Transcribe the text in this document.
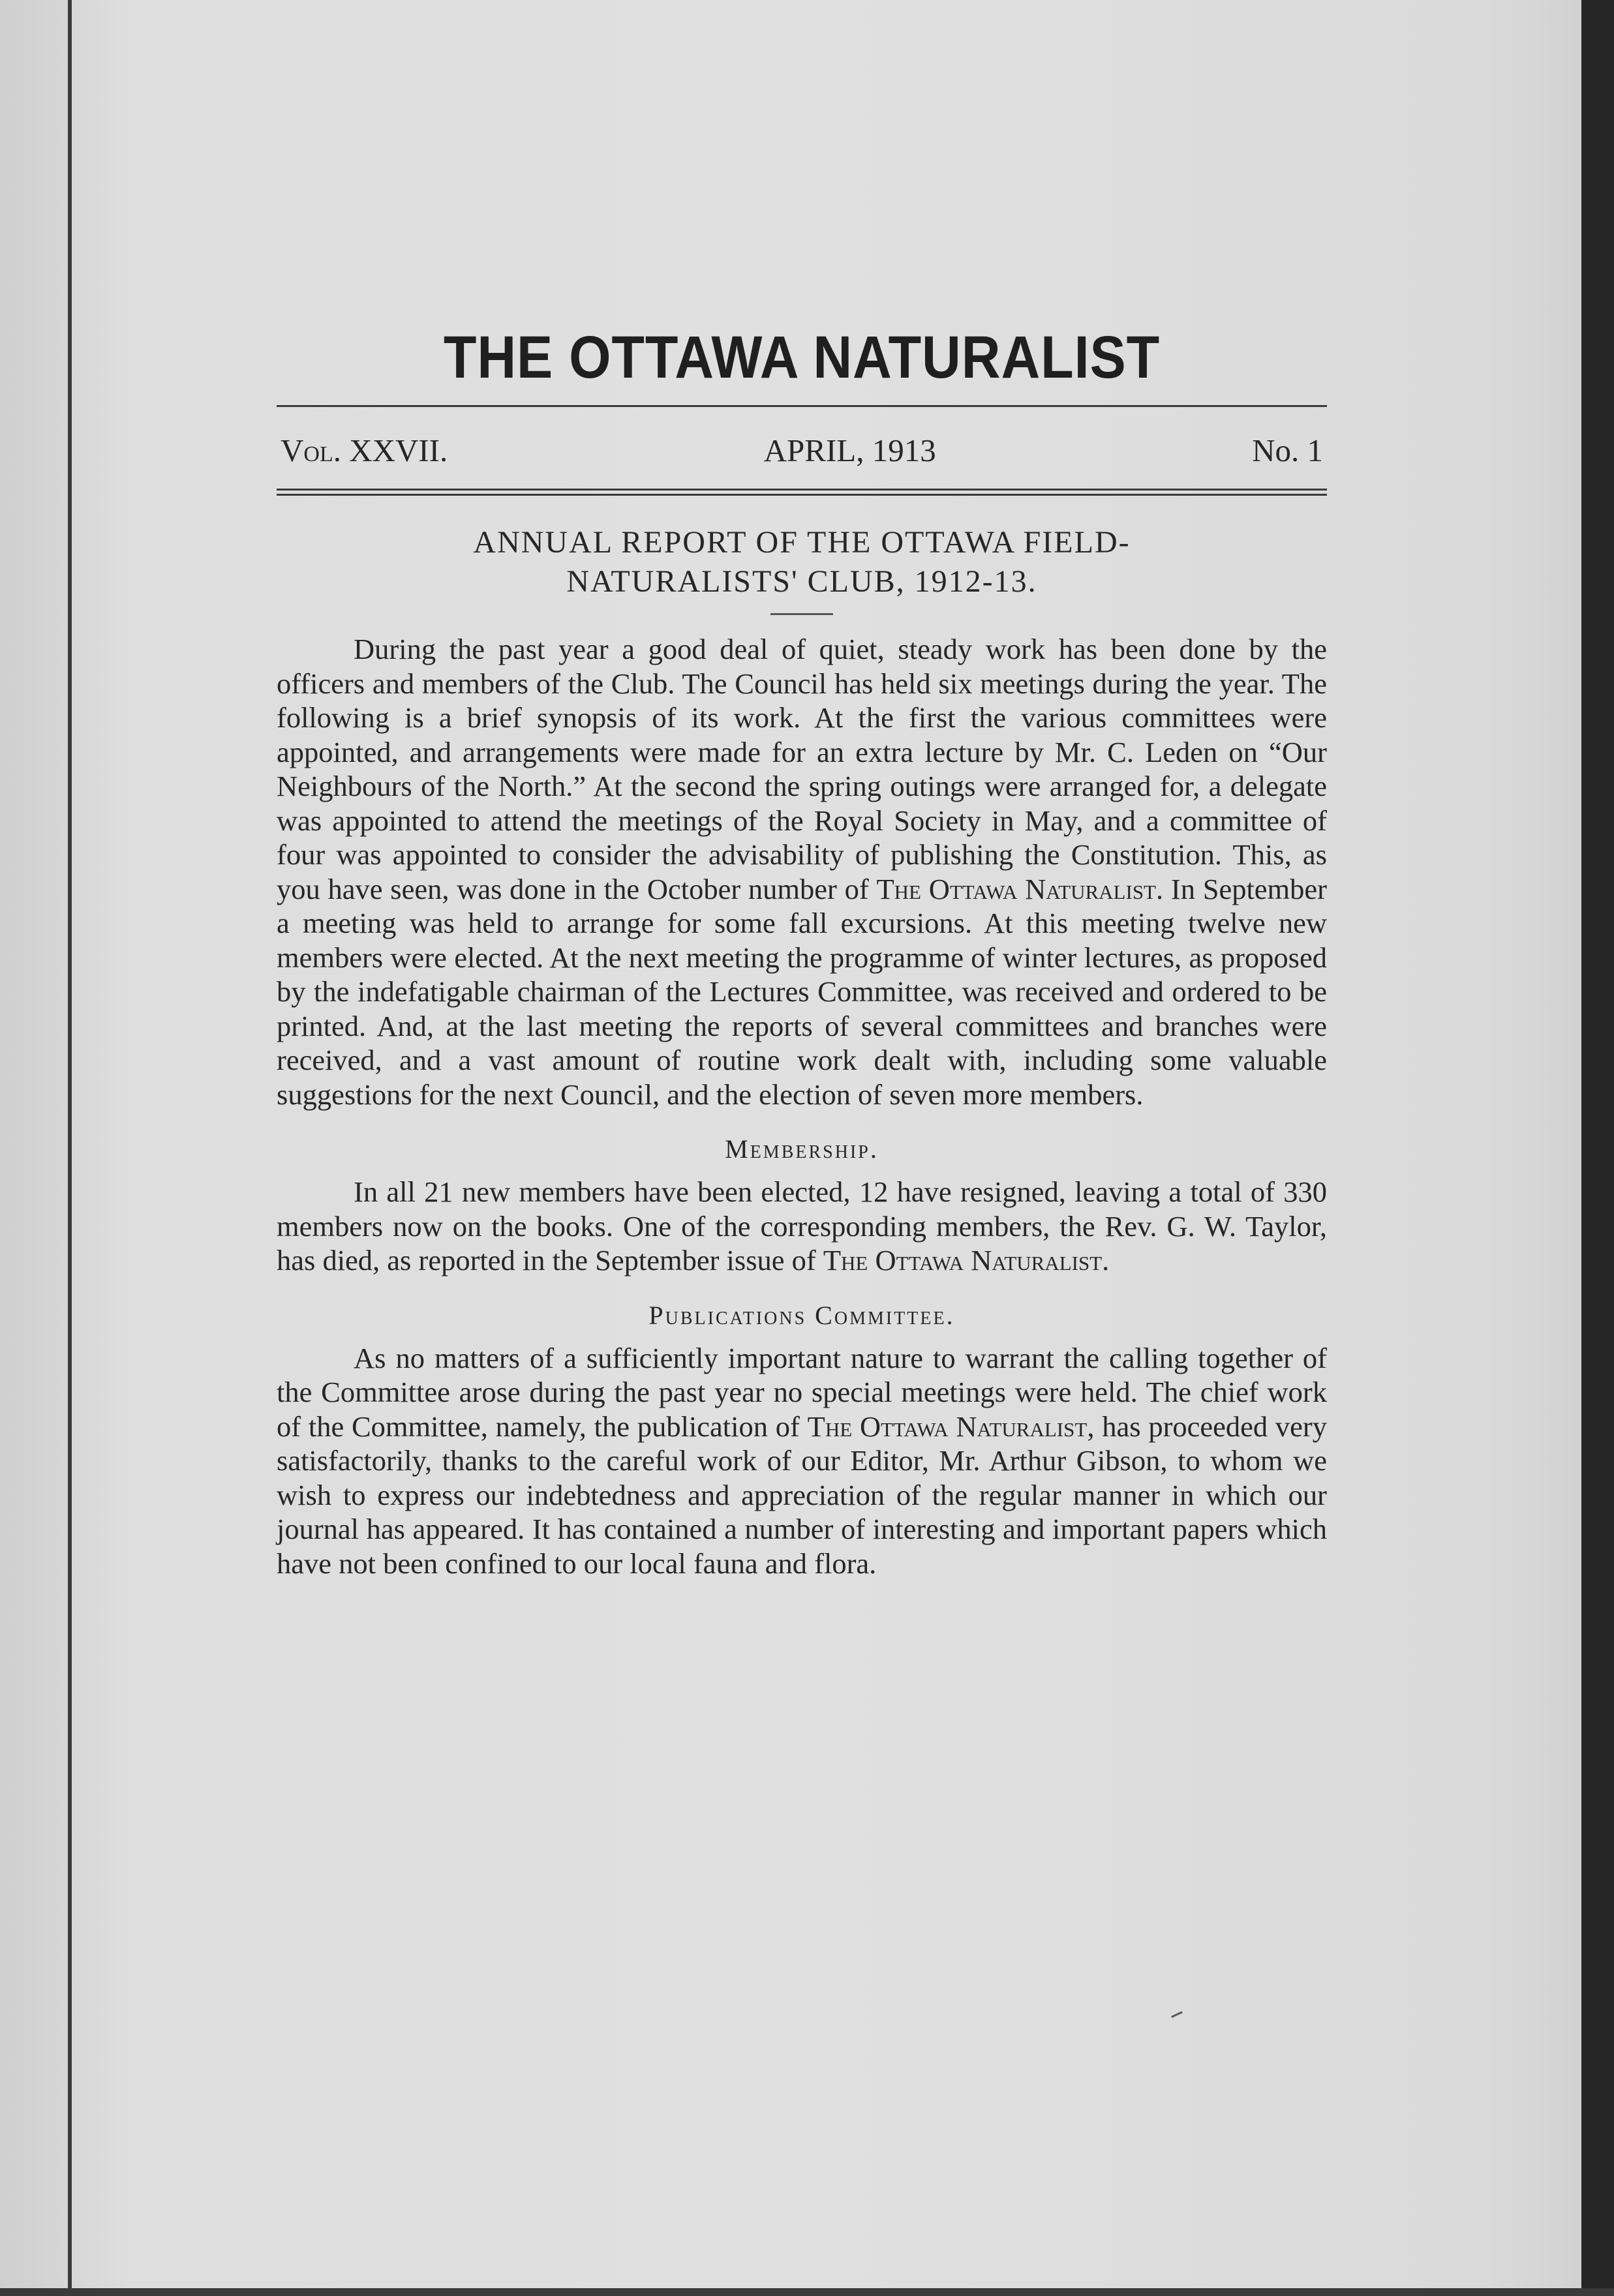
THE OTTAWA NATURALIST
Vol. XXVII.	APRIL, 1913	No. 1
ANNUAL REPORT OF THE OTTAWA FIELD-
NATURALISTS' CLUB, 1912-13.

During the past year a good deal of quiet, steady work has been done by the officers and members of the Club. The Council has held six meetings during the year. The following is a brief synopsis of its work. At the first the various committees were appointed, and arrangements were made for an extra lecture by Mr. C. Leden on “Our Neighbours of the North.” At the second the spring outings were arranged for, a delegate was appointed to attend the meetings of the Royal Society in May, and a committee of four was appointed to consider the advisability of publishing the Constitution. This, as you have seen, was done in the October number of The Ottawa Naturalist. In September a meeting was held to arrange for some fall excursions. At this meeting twelve new members were elected. At the next meeting the programme of winter lectures, as proposed by the indefatigable chairman of the Lectures Committee, was received and ordered to be printed. And, at the last meeting the reports of several committees and branches were received, and a vast amount of routine work dealt with, including some valuable suggestions for the next Council, and the election of seven more members.

Membership.

In all 21 new members have been elected, 12 have resigned, leaving a total of 330 members now on the books. One of the corresponding members, the Rev. G. W. Taylor, has died, as reported in the September issue of The Ottawa Naturalist.

Publications Committee.

As no matters of a sufficiently important nature to warrant the calling together of the Committee arose during the past year no special meetings were held. The chief work of the Committee, namely, the publication of The Ottawa Naturalist, has proceeded very satisfactorily, thanks to the careful work of our Editor, Mr. Arthur Gibson, to whom we wish to express our indebtedness and appreciation of the regular manner in which our journal has appeared. It has contained a number of interesting and important papers which have not been confined to our local fauna and flora.
